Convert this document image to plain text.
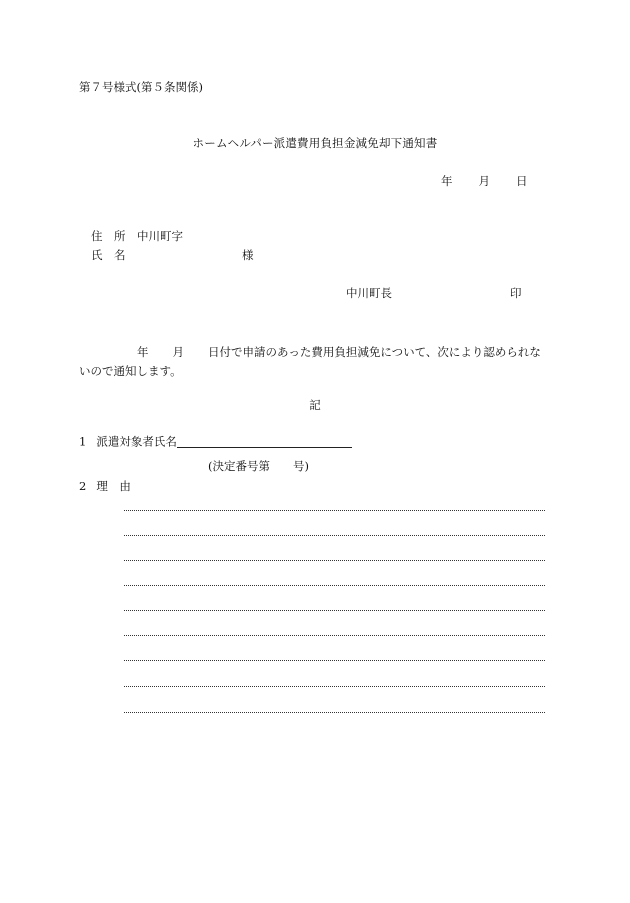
第７号様式(第５条関係)
ホームヘルパー派遣費用負担金減免却下通知書
年 月 日
住　所 中川町字
氏　名	様
中川町長	印
年 月 日付で申請のあった費用負担減免について、次により認められないので通知します。
記
1 派遣対象者氏名
(決定番号第　　号)
2 理　由
